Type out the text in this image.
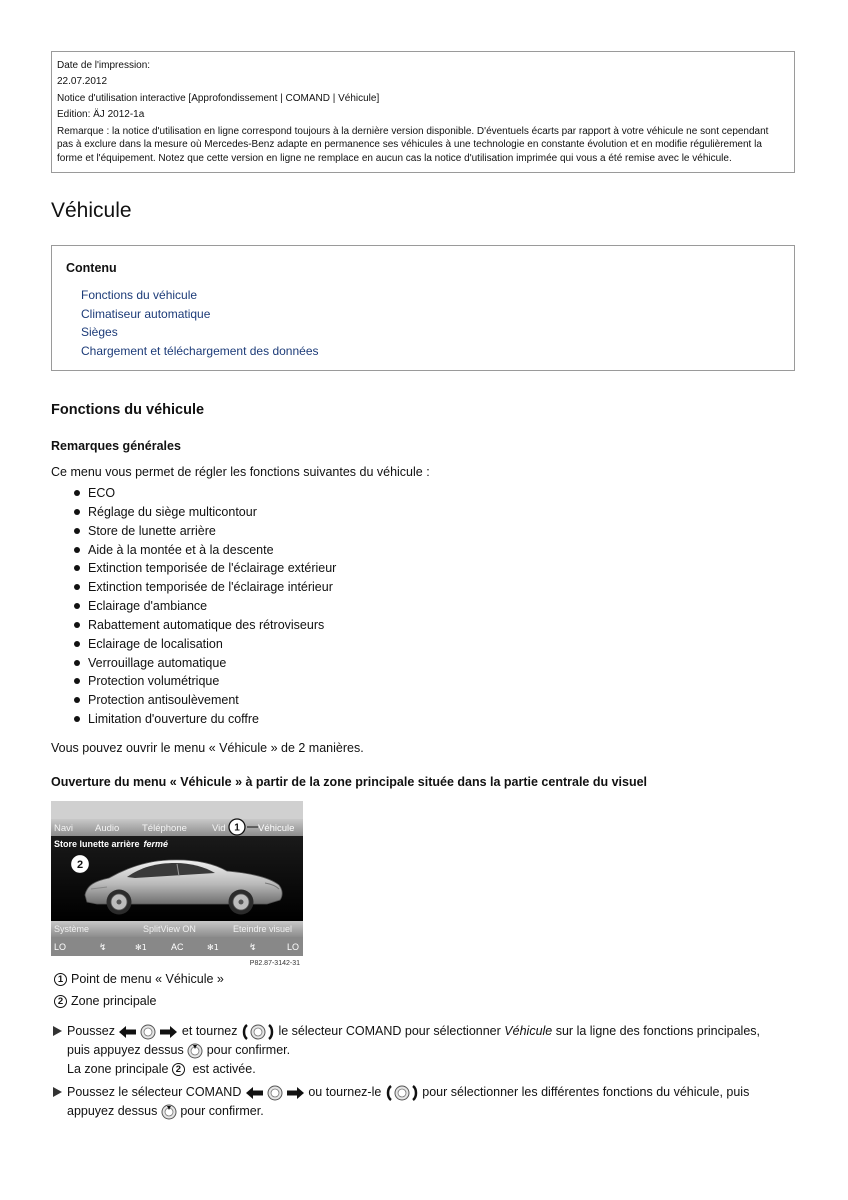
Date de l'impression:
22.07.2012
Notice d'utilisation interactive [Approfondissement | COMAND | Véhicule]
Edition: ÄJ 2012-1a
Remarque : la notice d'utilisation en ligne correspond toujours à la dernière version disponible. D'éventuels écarts par rapport à votre véhicule ne sont cependant pas à exclure dans la mesure où Mercedes-Benz adapte en permanence ses véhicules à une technologie en constante évolution et en modifie régulièrement la forme et l'équipement. Notez que cette version en ligne ne remplace en aucun cas la notice d'utilisation imprimée qui vous a été remise avec le véhicule.
Véhicule
Contenu
Fonctions du véhicule
Climatiseur automatique
Sièges
Chargement et téléchargement des données
Fonctions du véhicule
Remarques générales
Ce menu vous permet de régler les fonctions suivantes du véhicule :
ECO
Réglage du siège multicontour
Store de lunette arrière
Aide à la montée et à la descente
Extinction temporisée de l'éclairage extérieur
Extinction temporisée de l'éclairage intérieur
Eclairage d'ambiance
Rabattement automatique des rétroviseurs
Eclairage de localisation
Verrouillage automatique
Protection volumétrique
Protection antisoulèvement
Limitation d'ouverture du coffre
Vous pouvez ouvrir le menu « Véhicule » de 2 manières.
Ouverture du menu « Véhicule » à partir de la zone principale située dans la partie centrale du visuel
Navi Audio Téléphone	Vid	Véhicule
1
Store lunette arrière fermé
2
Système	SplitView ON	Eteindre visuel
LO	↯	✻1	AC	✻1	↯	LO
P82.87-3142-31
1 Point de menu « Véhicule »
2 Zone principale
Poussez	et tournez	le sélecteur COMAND pour sélectionner Véhicule sur la ligne des fonctions principales,
puis appuyez dessus pour confirmer.
La zone principale 2 est activée.
Poussez le sélecteur COMAND	ou tournez-le	pour sélectionner les différentes fonctions du véhicule, puis
appuyez dessus pour confirmer.
